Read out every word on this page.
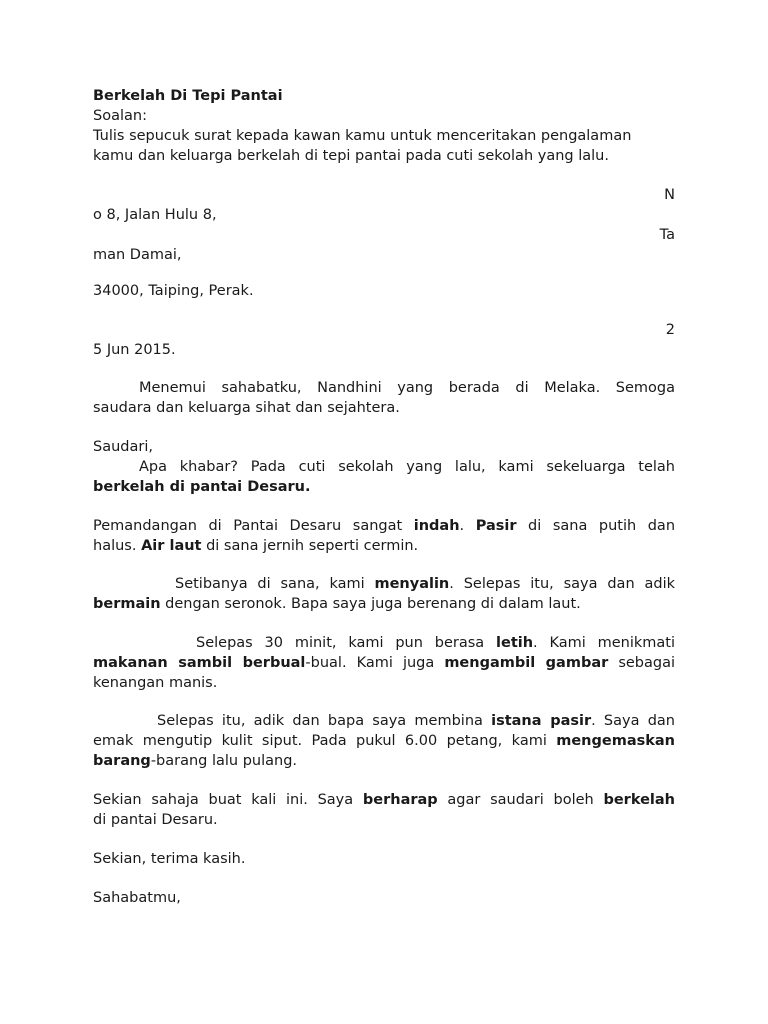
Berkelah Di Tepi Pantai
Soalan:
Tulis sepucuk surat kepada kawan kamu untuk menceritakan pengalaman
kamu dan keluarga berkelah di tepi pantai pada cuti sekolah yang lalu.
N
o 8, Jalan Hulu 8,
Ta
man Damai,
34000, Taiping, Perak.
2
5 Jun 2015.
Menemui sahabatku, Nandhini yang berada di Melaka. Semoga
saudara dan keluarga sihat dan sejahtera.
Saudari,
Apa khabar? Pada cuti sekolah yang lalu, kami sekeluarga telah
berkelah di pantai Desaru.
Pemandangan di Pantai Desaru sangat indah. Pasir di sana putih dan
halus. Air laut di sana jernih seperti cermin.
Setibanya di sana, kami menyalin. Selepas itu, saya dan adik
bermain dengan seronok. Bapa saya juga berenang di dalam laut.
Selepas 30 minit, kami pun berasa letih. Kami menikmati
makanan sambil berbual-bual. Kami juga mengambil gambar sebagai
kenangan manis.
Selepas itu, adik dan bapa saya membina istana pasir. Saya dan
emak mengutip kulit siput. Pada pukul 6.00 petang, kami mengemaskan
barang-barang lalu pulang.
Sekian sahaja buat kali ini. Saya berharap agar saudari boleh berkelah
di pantai Desaru.
Sekian, terima kasih.
Sahabatmu,
